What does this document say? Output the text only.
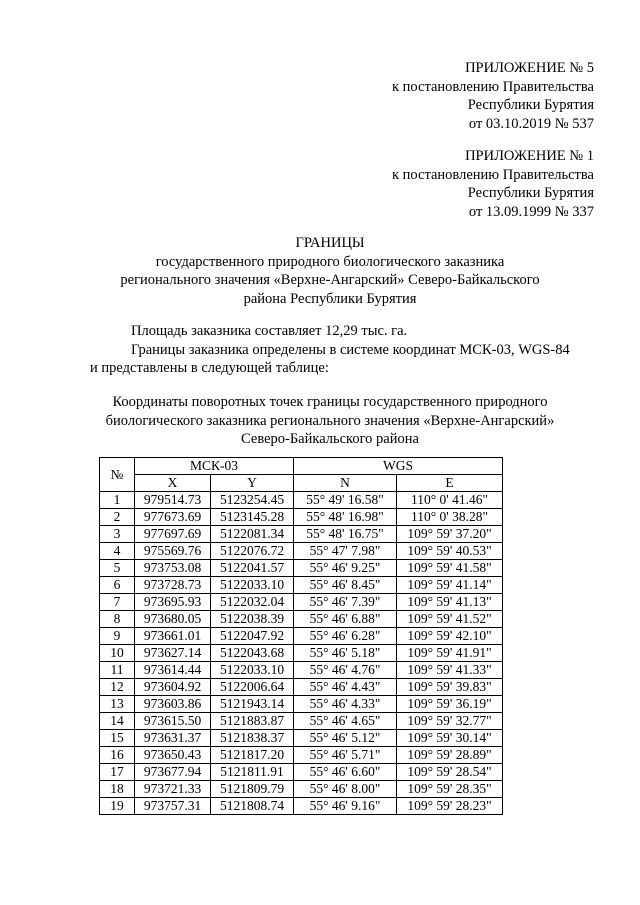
ПРИЛОЖЕНИЕ № 5
к постановлению Правительства
Республики Бурятия
от 03.10.2019 № 537
ПРИЛОЖЕНИЕ № 1
к постановлению Правительства
Республики Бурятия
от 13.09.1999 № 337
ГРАНИЦЫ
государственного природного биологического заказника
регионального значения «Верхне-Ангарский» Северо-Байкальского
района Республики Бурятия
Площадь заказника составляет 12,29 тыс. га.
Границы заказника определены в системе координат МСК-03, WGS-84
и представлены в следующей таблице:
Координаты поворотных точек границы государственного природного
биологического заказника регионального значения «Верхне-Ангарский»
Северо-Байкальского района
№	МСК-03		WGS	
	X	Y	N	E
1	979514.73	5123254.45	55° 49' 16.58"	110° 0' 41.46"
2	977673.69	5123145.28	55° 48' 16.98"	110° 0' 38.28"
3	977697.69	5122081.34	55° 48' 16.75"	109° 59' 37.20"
4	975569.76	5122076.72	55° 47' 7.98"	109° 59' 40.53"
5	973753.08	5122041.57	55° 46' 9.25"	109° 59' 41.58"
6	973728.73	5122033.10	55° 46' 8.45"	109° 59' 41.14"
7	973695.93	5122032.04	55° 46' 7.39"	109° 59' 41.13"
8	973680.05	5122038.39	55° 46' 6.88"	109° 59' 41.52"
9	973661.01	5122047.92	55° 46' 6.28"	109° 59' 42.10"
10	973627.14	5122043.68	55° 46' 5.18"	109° 59' 41.91"
11	973614.44	5122033.10	55° 46' 4.76"	109° 59' 41.33"
12	973604.92	5122006.64	55° 46' 4.43"	109° 59' 39.83"
13	973603.86	5121943.14	55° 46' 4.33"	109° 59' 36.19"
14	973615.50	5121883.87	55° 46' 4.65"	109° 59' 32.77"
15	973631.37	5121838.37	55° 46' 5.12"	109° 59' 30.14"
16	973650.43	5121817.20	55° 46' 5.71"	109° 59' 28.89"
17	973677.94	5121811.91	55° 46' 6.60"	109° 59' 28.54"
18	973721.33	5121809.79	55° 46' 8.00"	109° 59' 28.35"
19	973757.31	5121808.74	55° 46' 9.16"	109° 59' 28.23"
